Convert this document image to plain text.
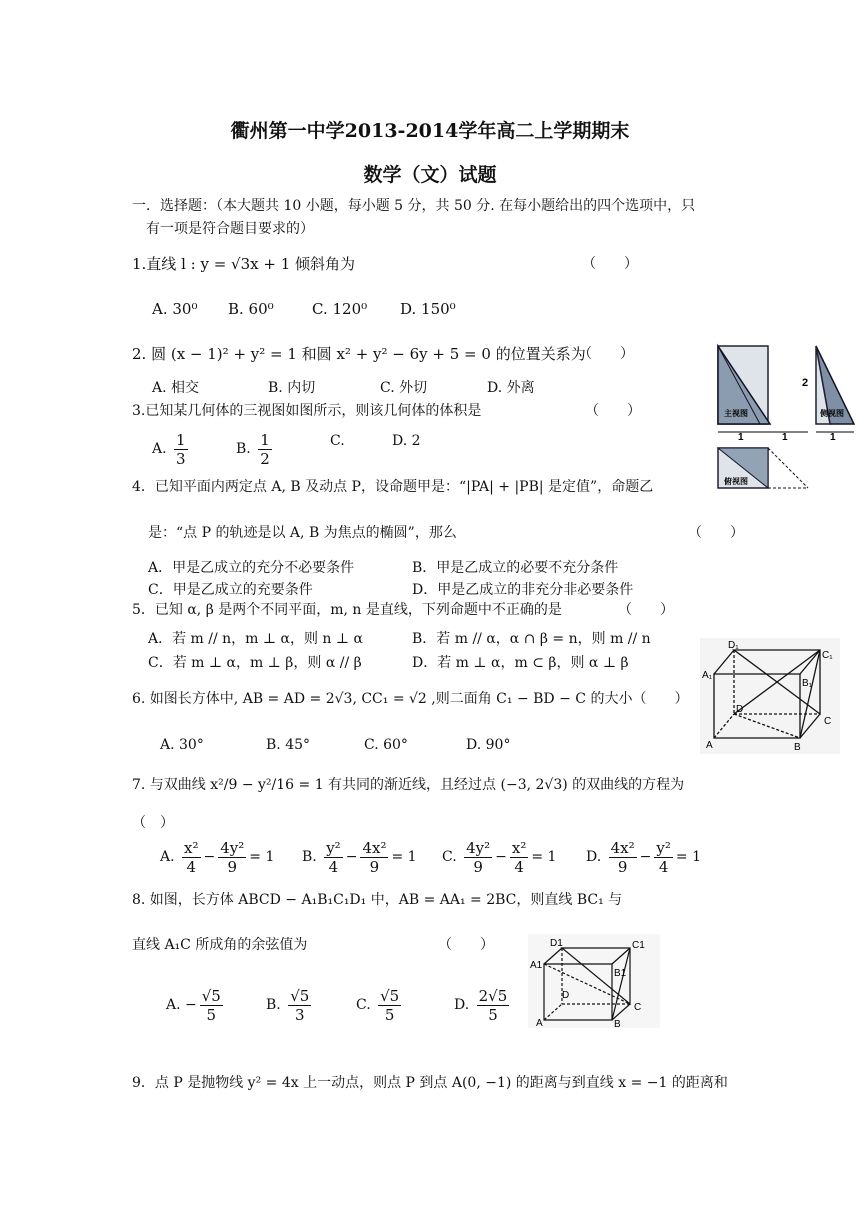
衢州第一中学2013-2014学年高二上学期期末
数学（文）试题
一．选择题：（本大题共 10 小题，每小题 5 分，共 50 分. 在每小题给出的四个选项中，只
有一项是符合题目要求的）
1.直线 l : y = √3x + 1 倾斜角为	（　　）
A. 30⁰ B. 60⁰	C. 120⁰ D. 150⁰
2. 圆 (x − 1)² + y² = 1 和圆 x² + y² − 6y + 5 = 0 的位置关系为
（　　）
A. 相交	B. 内切	C. 外切	D. 外离
3.已知某几何体的三视图如图所示，则该几何体的体积是	（　　）
A. $\frac{1}{3}$	B. $\frac{1}{2}$	C.	D. 2
主视图	侧视图
2
1	1	1
俯视图
4．已知平面内两定点 A, B 及动点 P，设命题甲是：“|PA| + |PB| 是定值”，命题乙
是：“点 P 的轨迹是以 A, B 为焦点的椭圆”，那么	（　　）
A．甲是乙成立的充分不必要条件	B．甲是乙成立的必要不充分条件
C．甲是乙成立的充要条件	D．甲是乙成立的非充分非必要条件
5．已知 α, β 是两个不同平面，m, n 是直线，下列命题中不正确的是	（　　）
A．若 m // n，m ⊥ α，则 n ⊥ α	B．若 m // α，α ∩ β = n，则 m // n
C．若 m ⊥ α，m ⊥ β，则 α // β	D．若 m ⊥ α，m ⊂ β，则 α ⊥ β
6. 如图长方体中, AB = AD = 2√3, CC₁ = √2 ,则二面角 C₁ − BD − C 的大小（　　）
A. 30°	B. 45°	C. 60°	D. 90°
D₁
C₁
A₁
B₁
D
C
A	B
7. 与双曲线 x²/9 − y²/16 = 1 有共同的渐近线，且经过点 (−3, 2√3) 的双曲线的方程为
（　）
A. $\frac{\text{x²}}{4} - \frac{\text{4y²}}{9} = 1$ B. $\frac{\text{y²}}{4} - \frac{\text{4x²}}{9} = 1$ C. $\frac{\text{4y²}}{9} - \frac{\text{x²}}{4} = 1$ D. $\frac{\text{4x²}}{9} - \frac{\text{y²}}{4} = 1$
8. 如图，长方体 ABCD − A₁B₁C₁D₁ 中，AB = AA₁ = 2BC，则直线 BC₁ 与
直线 A₁C 所成角的余弦值为	（　　）
A. − $\frac{√5}{5}$	B. $\frac{√5}{3}$	C. $\frac{√5}{5}$	D. $\frac{2√5}{5}$
D1	C1
A1
B1
D
C
A	B
9．点 P 是抛物线 y² = 4x 上一动点，则点 P 到点 A(0, −1) 的距离与到直线 x = −1 的距离和
